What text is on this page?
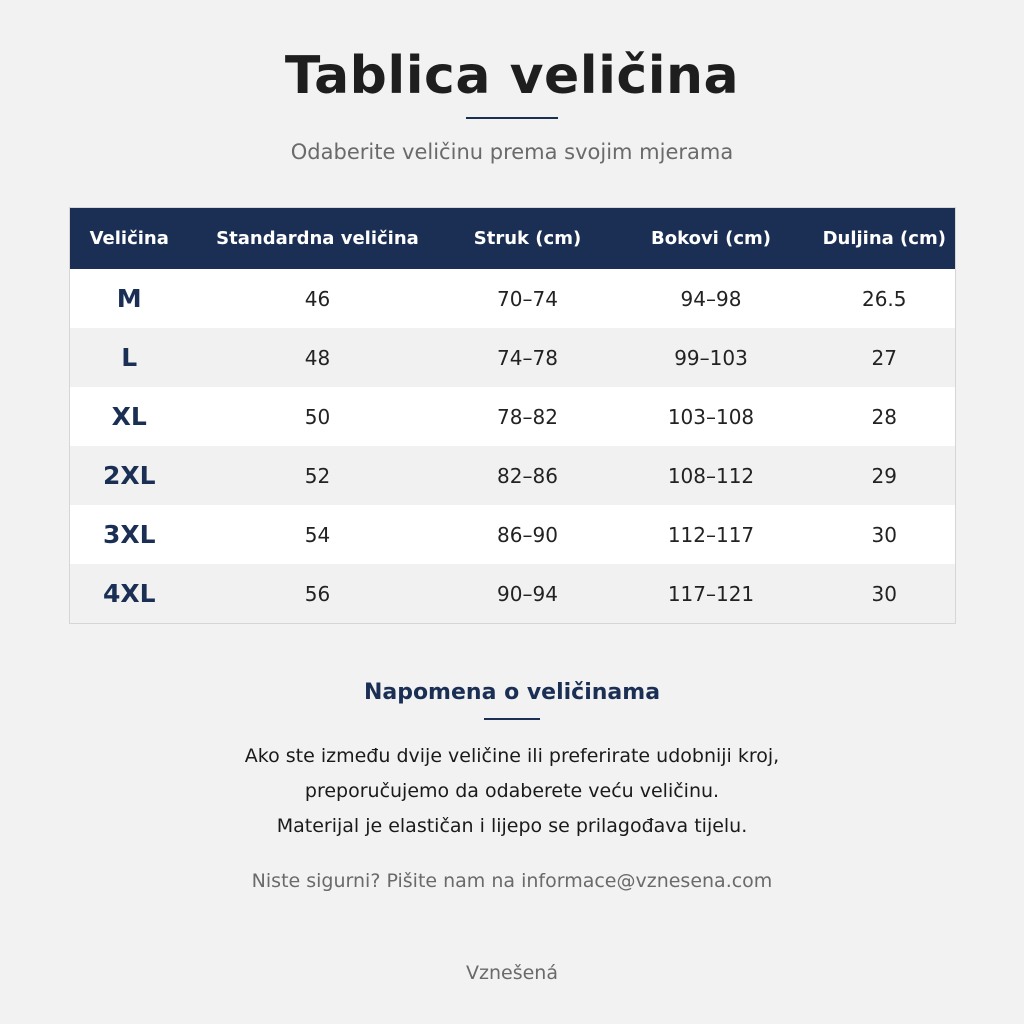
Tablica veličina
Odaberite veličinu prema svojim mjerama
Veličina	Standardna veličina	Struk (cm)	Bokovi (cm)	Duljina (cm)
M	46	70–74	94–98	26.5
L	48	74–78	99–103	27
XL	50	78–82	103–108	28
2XL	52	82–86	108–112	29
3XL	54	86–90	112–117	30
4XL	56	90–94	117–121	30
Napomena o veličinama
Ako ste između dvije veličine ili preferirate udobniji kroj,
preporučujemo da odaberete veću veličinu.
Materijal je elastičan i lijepo se prilagođava tijelu.
Niste sigurni? Pišite nam na informace@vznesena.com
Vznešená
